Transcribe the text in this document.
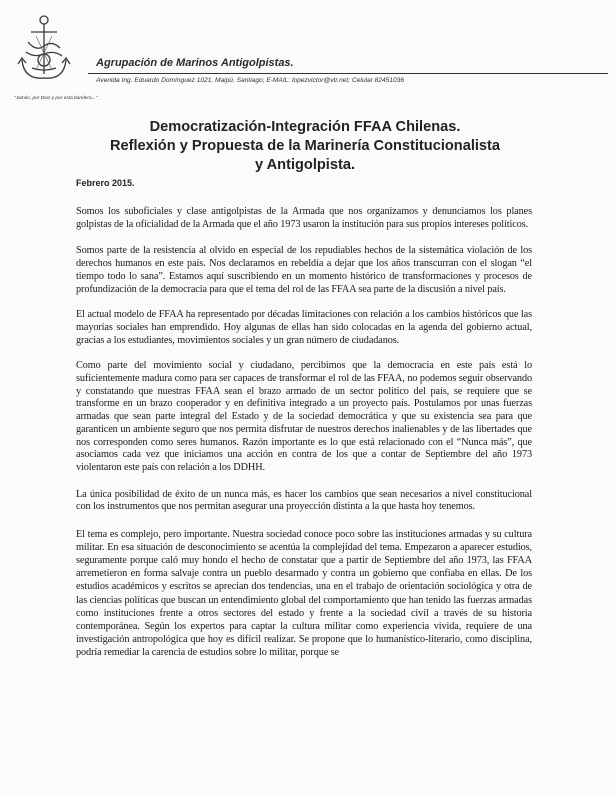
Agrupación de Marinos Antigolpistas.
Avenida Ing. Eduardo Domínguez 1021, Maipú, Santiago; E-MAIL: lopezvictor@vtr.net; Celular 82451036
"Jamás, por Dios y por esta bandera..."
Democratización-Integración FFAA Chilenas.
Reflexión y Propuesta de la Marinería Constitucionalista
y Antigolpista.
Febrero 2015.

Somos los suboficiales y clase antigolpistas de la Armada que nos organizamos y denunciamos los planes golpistas de la oficialidad de la Armada que el año 1973 usaron la institución para sus propios intereses políticos.

Somos parte de la resistencia al olvido en especial de los repudiables hechos de la sistemática violación de los derechos humanos en este país. Nos declaramos en rebeldía a dejar que los años transcurran con el slogan “el tiempo todo lo sana”. Estamos aquí suscribiendo en un momento histórico de transformaciones y procesos de profundización de la democracia para que el tema del rol de las FFAA sea parte de la discusión a nivel país.

El actual modelo de FFAA ha representado por décadas limitaciones con relación a los cambios históricos que las mayorías sociales han emprendido. Hoy algunas de ellas han sido colocadas en la agenda del gobierno actual, gracias a los estudiantes, movimientos sociales y un gran número de ciudadanos.

Como parte del movimiento social y ciudadano, percibimos que la democracia en este país está lo suficientemente madura como para ser capaces de transformar el rol de las FFAA, no podemos seguir observando y constatando que nuestras FFAA sean el brazo armado de un sector político del país, se requiere que se transforme en un brazo cooperador y en definitiva integrado a un proyecto país. Postulamos por unas fuerzas armadas que sean parte integral del Estado y de la sociedad democrática y que su existencia sea para que garanticen un ambiente seguro que nos permita disfrutar de nuestros derechos inalienables y de las libertades que nos corresponden como seres humanos. Razón importante es lo que está relacionado con el “Nunca más”, que asociamos cada vez que iniciamos una acción en contra de los que a contar de Septiembre del año 1973 violentaron este país con relación a los DDHH.

La única posibilidad de éxito de un nunca más, es hacer los cambios que sean necesarios a nivel constitucional con los instrumentos que nos permitan asegurar una proyección distinta a la que hasta hoy tenemos.

El tema es complejo, pero importante. Nuestra sociedad conoce poco sobre las instituciones armadas y su cultura militar. En esa situación de desconocimiento se acentúa la complejidad del tema. Empezaron a aparecer estudios, seguramente porque caló muy hondo el hecho de constatar que a partir de Septiembre del año 1973, las FFAA arremetieron en forma salvaje contra un pueblo desarmado y contra un gobierno que confiaba en ellas. De los estudios académicos y escritos se aprecian dos tendencias, una en el trabajo de orientación sociológica y otra de las ciencias políticas que buscan un entendimiento global del comportamiento que han tenido las fuerzas armadas como instituciones frente a otros sectores del estado y frente a la sociedad civil a través de su historia contemporánea. Según los expertos para captar la cultura militar como experiencia vivida, requiere de una investigación antropológica que hoy es difícil realizar. Se propone que lo humanístico-literario, como disciplina, podría remediar la carencia de estudios sobre lo militar, porque se
